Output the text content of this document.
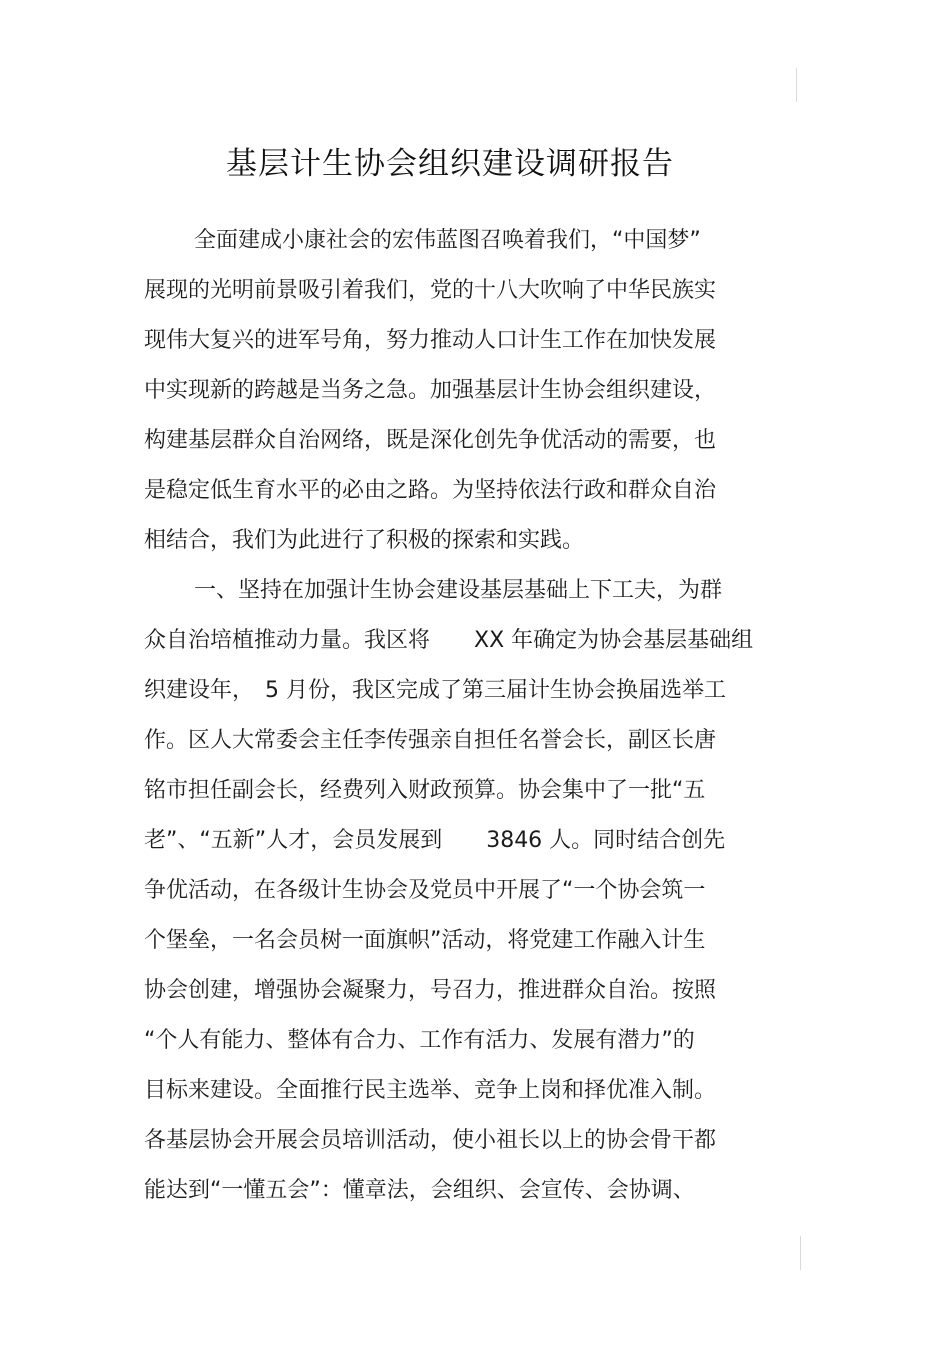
基层计生协会组织建设调研报告
全面建成小康社会的宏伟蓝图召唤着我们，“中国梦”
展现的光明前景吸引着我们，党的十八大吹响了中华民族实
现伟大复兴的进军号角，努力推动人口计生工作在加快发展
中实现新的跨越是当务之急。加强基层计生协会组织建设，
构建基层群众自治网络，既是深化创先争优活动的需要，也
是稳定低生育水平的必由之路。为坚持依法行政和群众自治
相结合，我们为此进行了积极的探索和实践。
一、坚持在加强计生协会建设基层基础上下工夫，为群
众自治培植推动力量。我区将　　XX 年确定为协会基层基础组
织建设年，　5 月份，我区完成了第三届计生协会换届选举工
作。区人大常委会主任李传强亲自担任名誉会长，副区长唐
铭市担任副会长，经费列入财政预算。协会集中了一批“五
老”、“五新”人才，会员发展到　　3846 人。同时结合创先
争优活动，在各级计生协会及党员中开展了“一个协会筑一
个堡垒，一名会员树一面旗帜”活动，将党建工作融入计生
协会创建，增强协会凝聚力，号召力，推进群众自治。按照
“个人有能力、整体有合力、工作有活力、发展有潜力”的
目标来建设。全面推行民主选举、竞争上岗和择优准入制。
各基层协会开展会员培训活动，使小祖长以上的协会骨干都
能达到“一懂五会”：懂章法，会组织、会宣传、会协调、
